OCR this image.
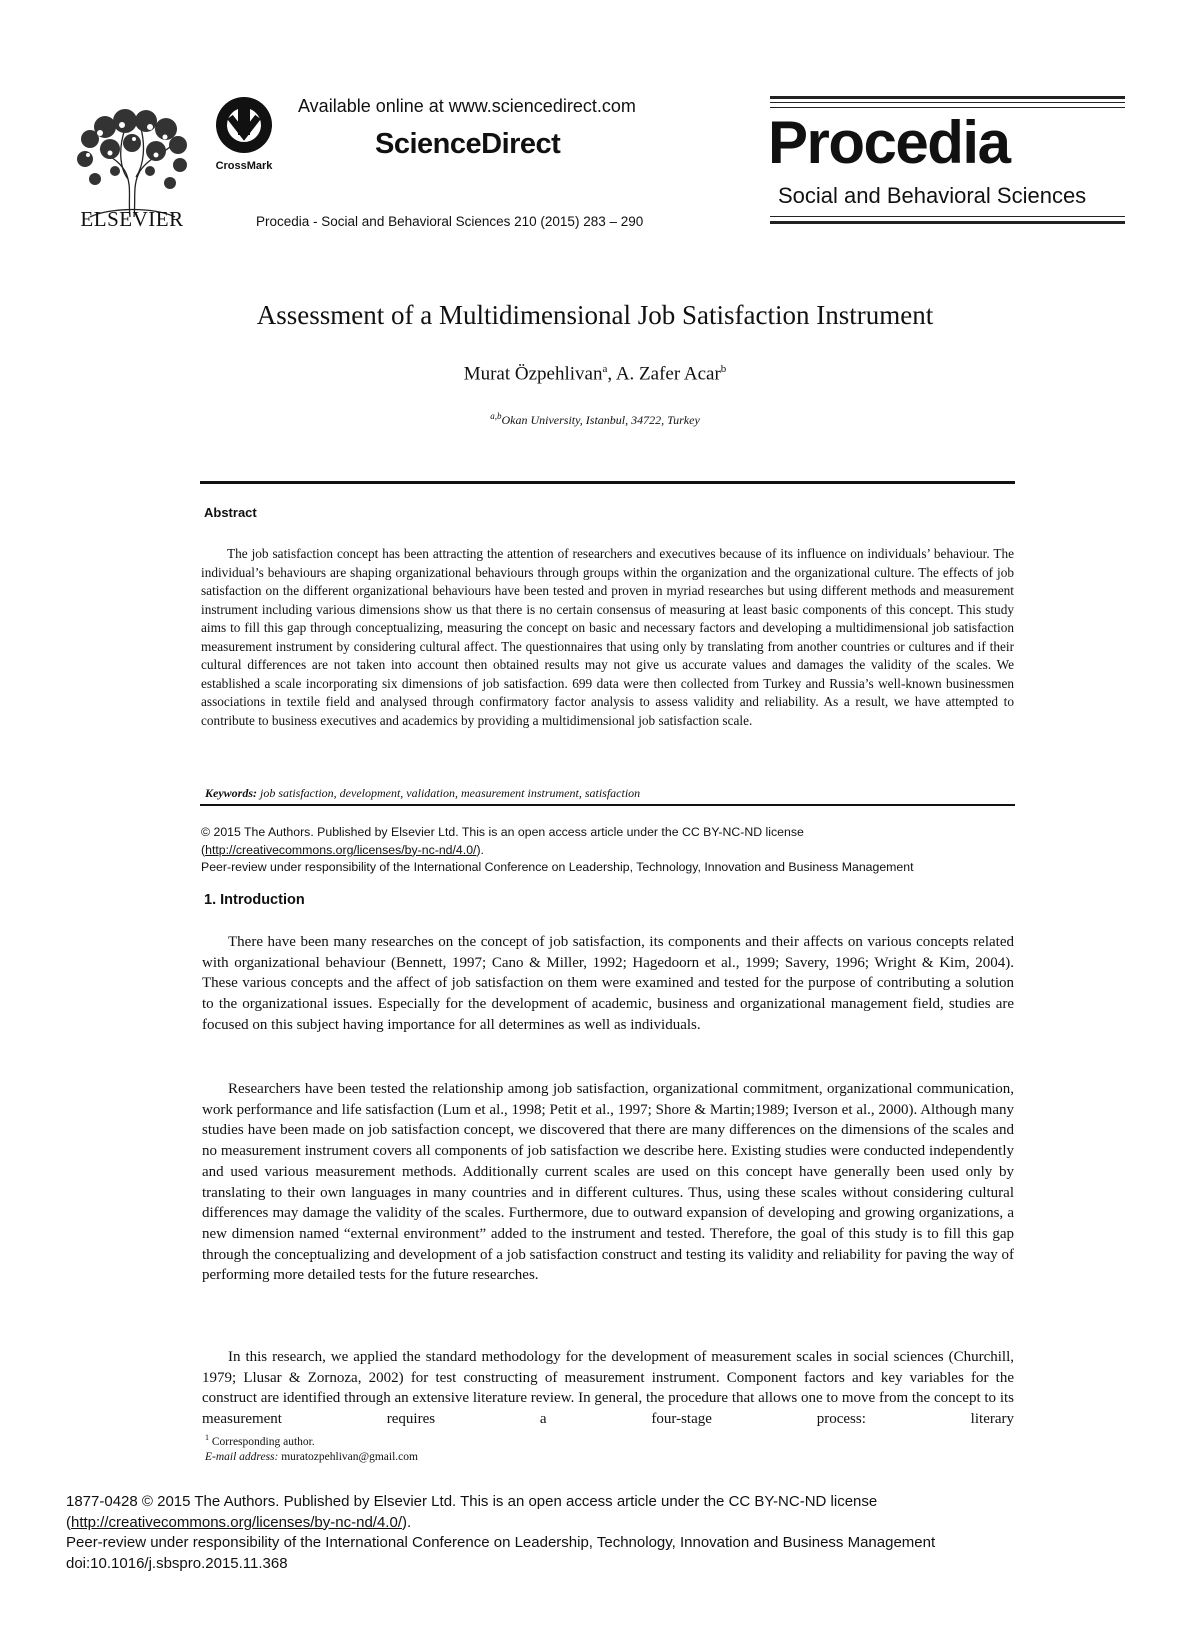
ELSEVIER
CrossMark
Available online at www.sciencedirect.com
ScienceDirect
Procedia - Social and Behavioral Sciences 210 (2015) 283 – 290
Procedia
Social and Behavioral Sciences
Assessment of a Multidimensional Job Satisfaction Instrument
Murat Özpehlivan$^a$, A. Zafer Acar$^b$
$^{a,b}$Okan University, Istanbul, 34722, Turkey
Abstract
The job satisfaction concept has been attracting the attention of researchers and executives because of its influence on individuals’ behaviour. The individual’s behaviours are shaping organizational behaviours through groups within the organization and the organizational culture. The effects of job satisfaction on the different organizational behaviours have been tested and proven in myriad researches but using different methods and measurement instrument including various dimensions show us that there is no certain consensus of measuring at least basic components of this concept. This study aims to fill this gap through conceptualizing, measuring the concept on basic and necessary factors and developing a multidimensional job satisfaction measurement instrument by considering cultural affect. The questionnaires that using only by translating from another countries or cultures and if their cultural differences are not taken into account then obtained results may not give us accurate values and damages the validity of the scales. We established a scale incorporating six dimensions of job satisfaction. 699 data were then collected from Turkey and Russia’s well-known businessmen associations in textile field and analysed through confirmatory factor analysis to assess validity and reliability. As a result, we have attempted to contribute to business executives and academics by providing a multidimensional job satisfaction scale.
Keywords: job satisfaction, development, validation, measurement instrument, satisfaction
© 2015 The Authors. Published by Elsevier Ltd. This is an open access article under the CC BY-NC-ND license
(http://creativecommons.org/licenses/by-nc-nd/4.0/).
Peer-review under responsibility of the International Conference on Leadership, Technology, Innovation and Business Management
1. Introduction
There have been many researches on the concept of job satisfaction, its components and their affects on various concepts related with organizational behaviour (Bennett, 1997; Cano & Miller, 1992; Hagedoorn et al., 1999; Savery, 1996; Wright & Kim, 2004). These various concepts and the affect of job satisfaction on them were examined and tested for the purpose of contributing a solution to the organizational issues. Especially for the development of academic, business and organizational management field, studies are focused on this subject having importance for all determines as well as individuals.
Researchers have been tested the relationship among job satisfaction, organizational commitment, organizational communication, work performance and life satisfaction (Lum et al., 1998; Petit et al., 1997; Shore & Martin;1989; Iverson et al., 2000). Although many studies have been made on job satisfaction concept, we discovered that there are many differences on the dimensions of the scales and no measurement instrument covers all components of job satisfaction we describe here. Existing studies were conducted independently and used various measurement methods. Additionally current scales are used on this concept have generally been used only by translating to their own languages in many countries and in different cultures. Thus, using these scales without considering cultural differences may damage the validity of the scales. Furthermore, due to outward expansion of developing and growing organizations, a new dimension named “external environment” added to the instrument and tested. Therefore, the goal of this study is to fill this gap through the conceptualizing and development of a job satisfaction construct and testing its validity and reliability for paving the way of performing more detailed tests for the future researches.
In this research, we applied the standard methodology for the development of measurement scales in social sciences (Churchill, 1979; Llusar & Zornoza, 2002) for test constructing of measurement instrument. Component factors and key variables for the construct are identified through an extensive literature review. In general, the procedure that allows one to move from the concept to its measurement requires a four-stage process: literary
$^1$ Corresponding author.
E-mail address: muratozpehlivan@gmail.com
1877-0428 © 2015 The Authors. Published by Elsevier Ltd. This is an open access article under the CC BY-NC-ND license
(http://creativecommons.org/licenses/by-nc-nd/4.0/).
Peer-review under responsibility of the International Conference on Leadership, Technology, Innovation and Business Management
doi:10.1016/j.sbspro.2015.11.368
